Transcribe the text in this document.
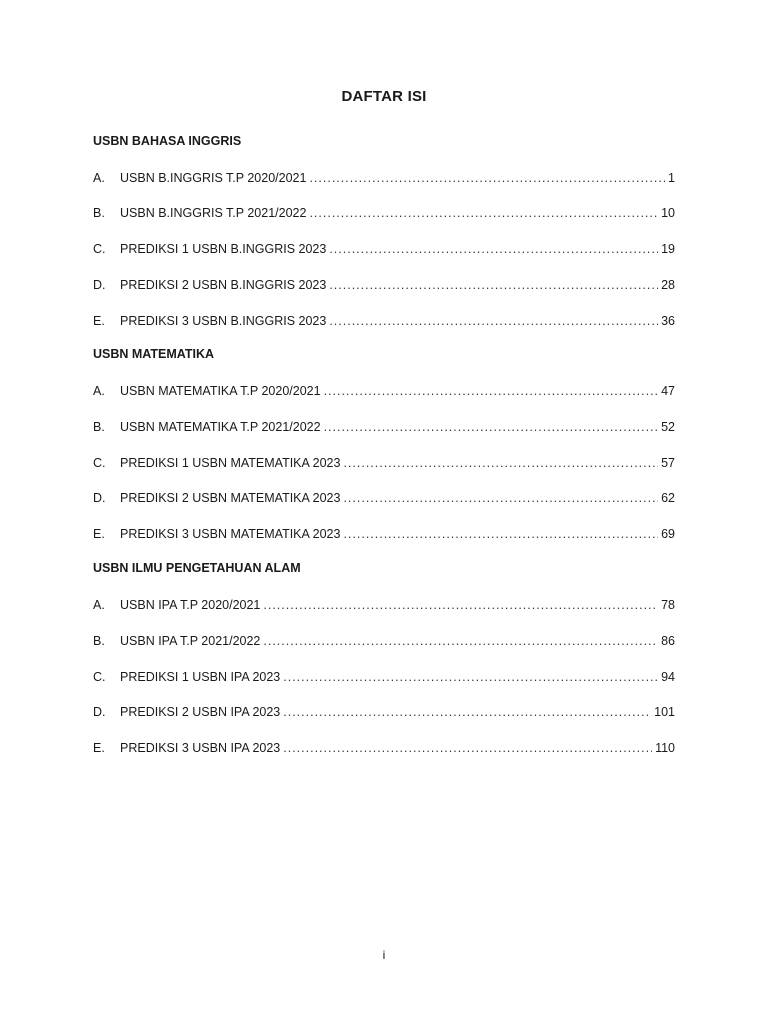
DAFTAR ISI
USBN BAHASA INGGRIS
A.	USBN B.INGGRIS T.P 2020/2021 .....	1
B.	USBN B.INGGRIS T.P 2021/2022 .....	10
C.	PREDIKSI 1 USBN B.INGGRIS 2023 .....	19
D.	PREDIKSI 2 USBN B.INGGRIS 2023 .....	28
E.	PREDIKSI 3 USBN B.INGGRIS 2023 .....	36
USBN MATEMATIKA
A.	USBN MATEMATIKA T.P 2020/2021 .....	47
B.	USBN MATEMATIKA T.P 2021/2022 .....	52
C.	PREDIKSI 1 USBN MATEMATIKA 2023 .....	57
D.	PREDIKSI 2 USBN MATEMATIKA 2023 .....	62
E.	PREDIKSI 3 USBN MATEMATIKA 2023 .....	69
USBN ILMU PENGETAHUAN ALAM
A.	USBN IPA T.P 2020/2021 .....	78
B.	USBN IPA T.P 2021/2022 .....	86
C.	PREDIKSI 1 USBN IPA 2023 .....	94
D.	PREDIKSI 2 USBN IPA 2023 .....	101
E.	PREDIKSI 3 USBN IPA 2023 .....	110
i
